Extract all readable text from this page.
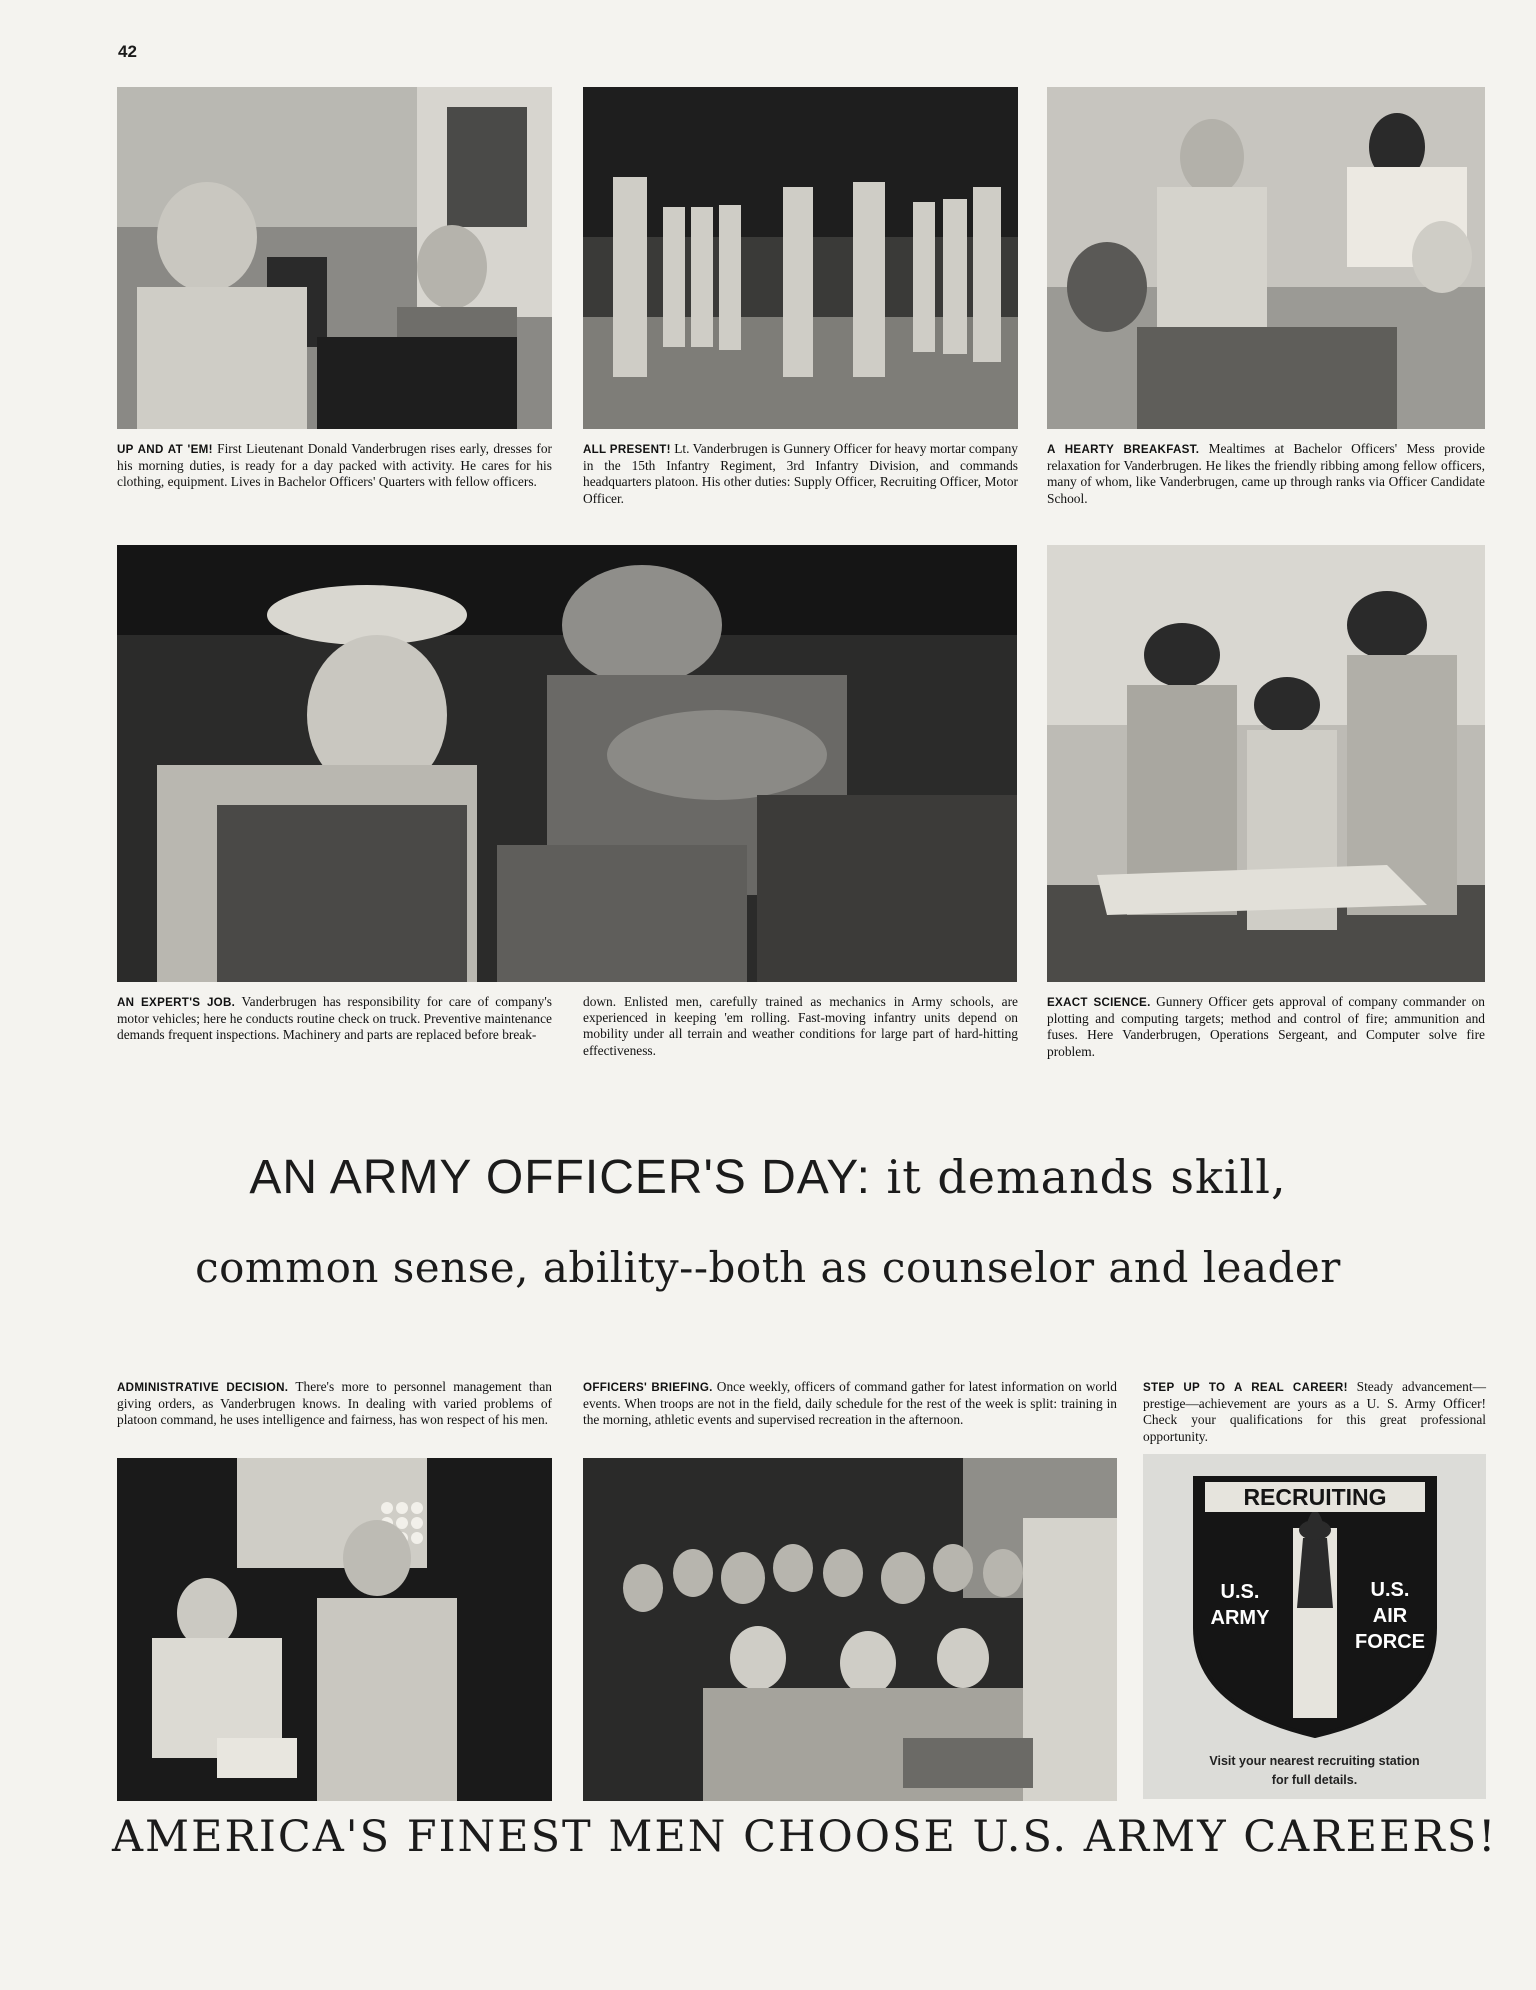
42
UP AND AT 'EM! First Lieutenant Donald Vanderbrugen rises early, dresses for his morning duties, is ready for a day packed with activity. He cares for his clothing, equipment. Lives in Bachelor Officers' Quarters with fellow officers.
ALL PRESENT! Lt. Vanderbrugen is Gunnery Officer for heavy mortar company in the 15th Infantry Regiment, 3rd Infantry Division, and commands headquarters platoon. His other duties: Supply Officer, Recruiting Officer, Motor Officer.
A HEARTY BREAKFAST. Mealtimes at Bachelor Officers' Mess provide relaxation for Vanderbrugen. He likes the friendly ribbing among fellow officers, many of whom, like Vanderbrugen, came up through ranks via Officer Candidate School.
AN EXPERT'S JOB. Vanderbrugen has responsibility for care of company's motor vehicles; here he conducts routine check on truck. Preventive maintenance demands frequent inspections. Machinery and parts are replaced before break-
down. Enlisted men, carefully trained as mechanics in Army schools, are experienced in keeping 'em rolling. Fast-moving infantry units depend on mobility under all terrain and weather conditions for large part of hard-hitting effectiveness.
EXACT SCIENCE. Gunnery Officer gets approval of company commander on plotting and computing targets; method and control of fire; ammunition and fuses. Here Vanderbrugen, Operations Sergeant, and Computer solve fire problem.
AN ARMY OFFICER'S DAY: it demands skill,
common sense, ability--both as counselor and leader
ADMINISTRATIVE DECISION. There's more to personnel management than giving orders, as Vanderbrugen knows. In dealing with varied problems of platoon command, he uses intelligence and fairness, has won respect of his men.
OFFICERS' BRIEFING. Once weekly, officers of command gather for latest information on world events. When troops are not in the field, daily schedule for the rest of the week is split: training in the morning, athletic events and supervised recreation in the afternoon.
STEP UP TO A REAL CAREER! Steady advancement—prestige—achievement are yours as a U. S. Army Officer! Check your qualifications for this great professional opportunity.
RECRUITING
U.S.
ARMY
U.S.
AIR
FORCE
Visit your nearest recruiting station
for full details.
AMERICA'S FINEST MEN CHOOSE U.S. ARMY CAREERS!
